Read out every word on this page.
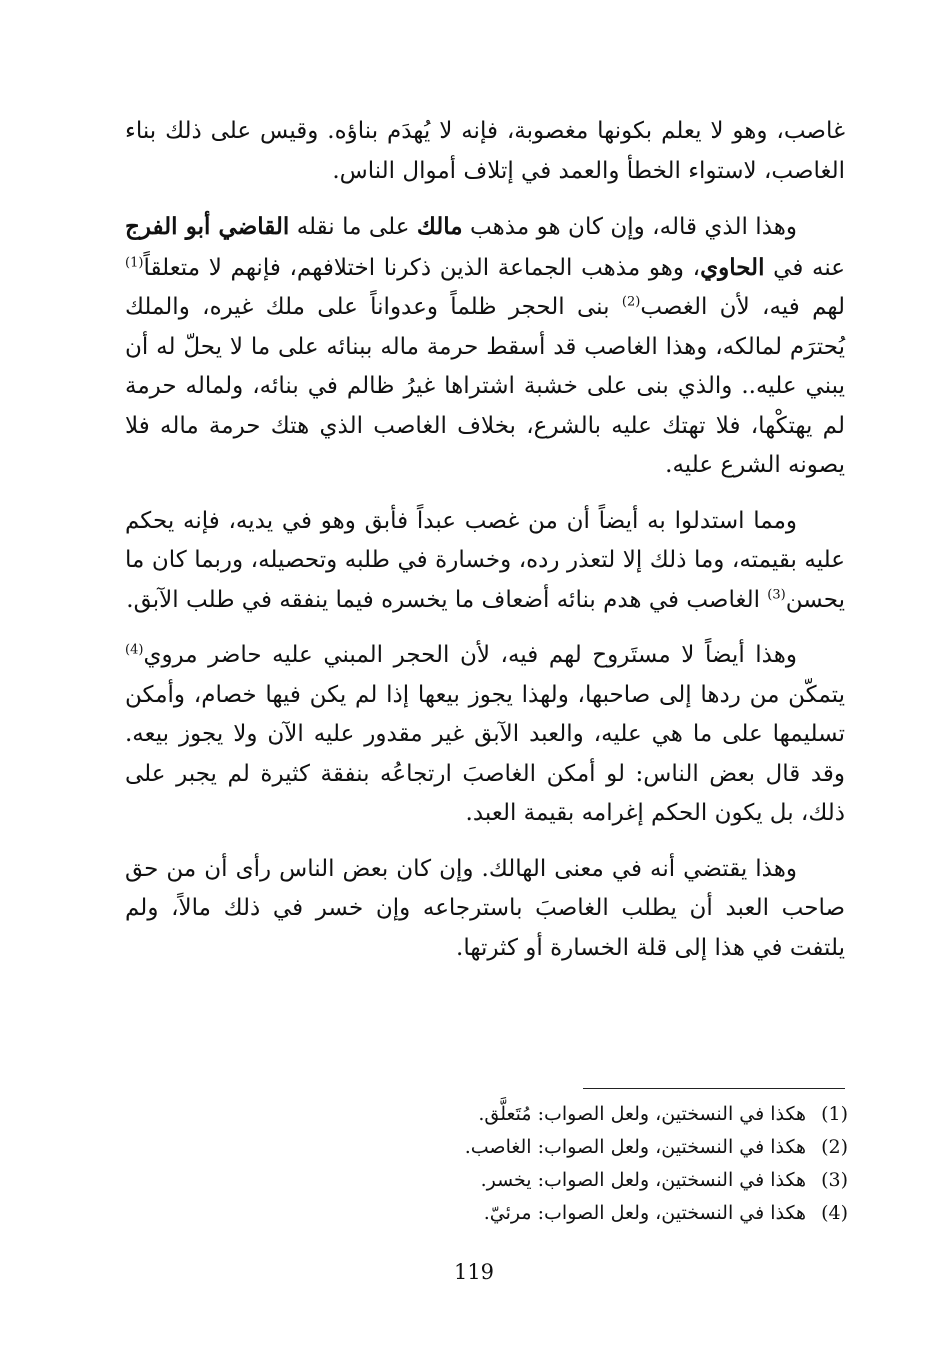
غاصب، وهو لا يعلم بكونها مغصوبة، فإنه لا يُهدَم بناؤه. وقيس على ذلك بناء الغاصب، لاستواء الخطأ والعمد في إتلاف أموال الناس.

وهذا الذي قاله، وإن كان هو مذهب مالك على ما نقله القاضي أبو الفرج عنه في الحاوي، وهو مذهب الجماعة الذين ذكرنا اختلافهم، فإنهم لا متعلقاً$^{(1)}$ لهم فيه، لأن الغصب$^{(2)}$ بنى الحجر ظلماً وعدواناً على ملك غيره، والملك يُحترَم لمالكه، وهذا الغاصب قد أسقط حرمة ماله ببنائه على ما لا يحلّ له أن يبني عليه.. والذي بنى على خشبة اشتراها غيرُ ظالم في بنائه، ولماله حرمة لم يهتكْها، فلا تهتك عليه بالشرع، بخلاف الغاصب الذي هتك حرمة ماله فلا يصونه الشرع عليه.

ومما استدلوا به أيضاً أن من غصب عبداً فأبق وهو في يديه، فإنه يحكم عليه بقيمته، وما ذلك إلا لتعذر رده، وخسارة في طلبه وتحصيله، وربما كان ما يحسن$^{(3)}$ الغاصب في هدم بنائه أضعاف ما يخسره فيما ينفقه في طلب الآبق.

وهذا أيضاً لا مستَروح لهم فيه، لأن الحجر المبني عليه حاضر مروي$^{(4)}$ يتمكّن من ردها إلى صاحبها، ولهذا يجوز بيعها إذا لم يكن فيها خصام، وأمكن تسليمها على ما هي عليه، والعبد الآبق غير مقدور عليه الآن ولا يجوز بيعه. وقد قال بعض الناس: لو أمكن الغاصبَ ارتجاعُه بنفقة كثيرة لم يجبر على ذلك، بل يكون الحكم إغرامه بقيمة العبد.

وهذا يقتضي أنه في معنى الهالك. وإن كان بعض الناس رأى أن من حق صاحب العبد أن يطلب الغاصبَ باسترجاعه وإن خسر في ذلك مالاً، ولم يلتفت في هذا إلى قلة الخسارة أو كثرتها.

(1)هكذا في النسختين، ولعل الصواب: مُتَعلَّق.

(2)هكذا في النسختين، ولعل الصواب: الغاصب.

(3)هكذا في النسختين، ولعل الصواب: يخسر.

(4)هكذا في النسختين، ولعل الصواب: مرئيّ.

119
